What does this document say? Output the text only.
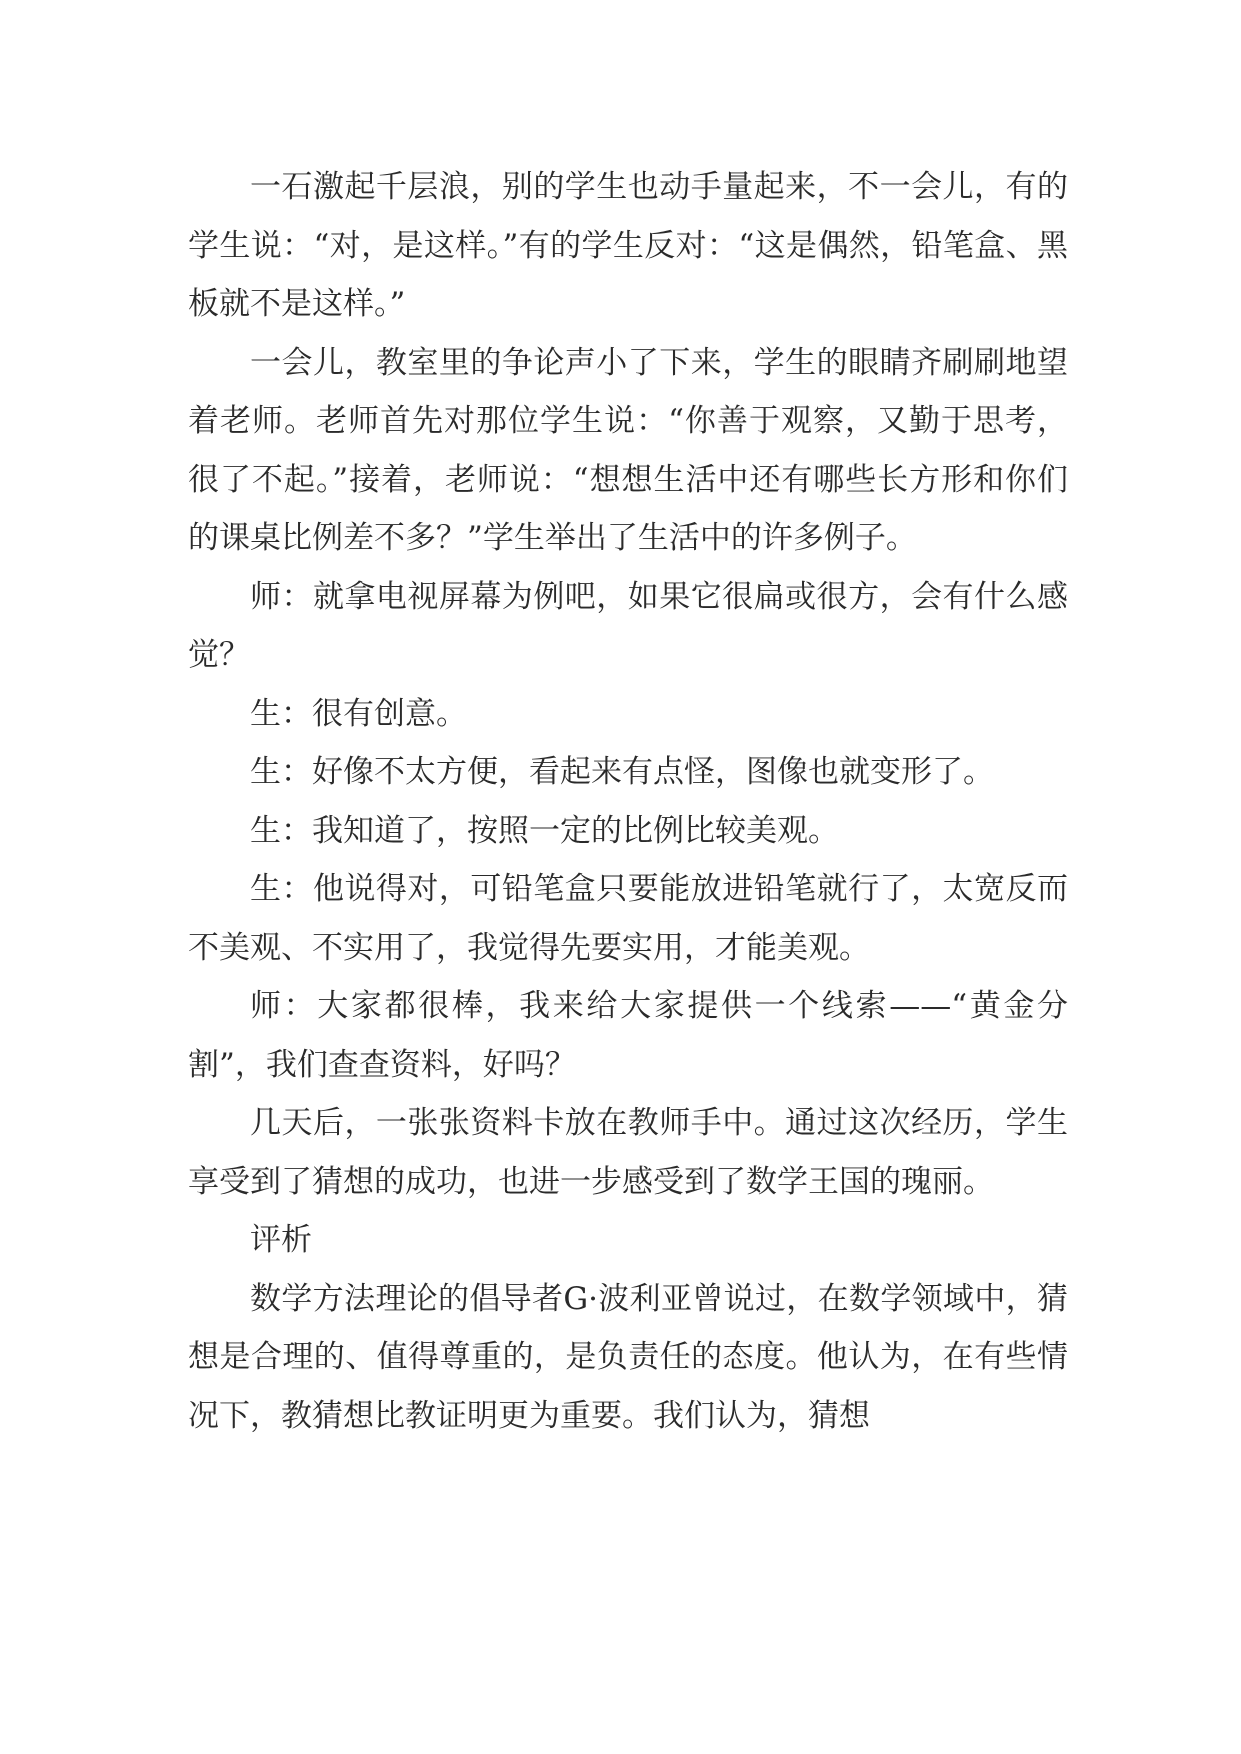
一石激起千层浪，别的学生也动手量起来，不一会儿，有的学生说：“对，是这样。”有的学生反对：“这是偶然，铅笔盒、黑板就不是这样。”

一会儿，教室里的争论声小了下来，学生的眼睛齐刷刷地望着老师。老师首先对那位学生说：“你善于观察，又勤于思考，很了不起。”接着，老师说：“想想生活中还有哪些长方形和你们的课桌比例差不多？”学生举出了生活中的许多例子。

师：就拿电视屏幕为例吧，如果它很扁或很方，会有什么感觉？

生：很有创意。

生：好像不太方便，看起来有点怪，图像也就变形了。

生：我知道了，按照一定的比例比较美观。

生：他说得对，可铅笔盒只要能放进铅笔就行了，太宽反而不美观、不实用了，我觉得先要实用，才能美观。

师：大家都很棒，我来给大家提供一个线索——“黄金分割”，我们查查资料，好吗？

几天后，一张张资料卡放在教师手中。通过这次经历，学生享受到了猜想的成功，也进一步感受到了数学王国的瑰丽。

评析

数学方法理论的倡导者G·波利亚曾说过，在数学领域中，猜想是合理的、值得尊重的，是负责任的态度。他认为，在有些情况下，教猜想比教证明更为重要。我们认为，猜想
